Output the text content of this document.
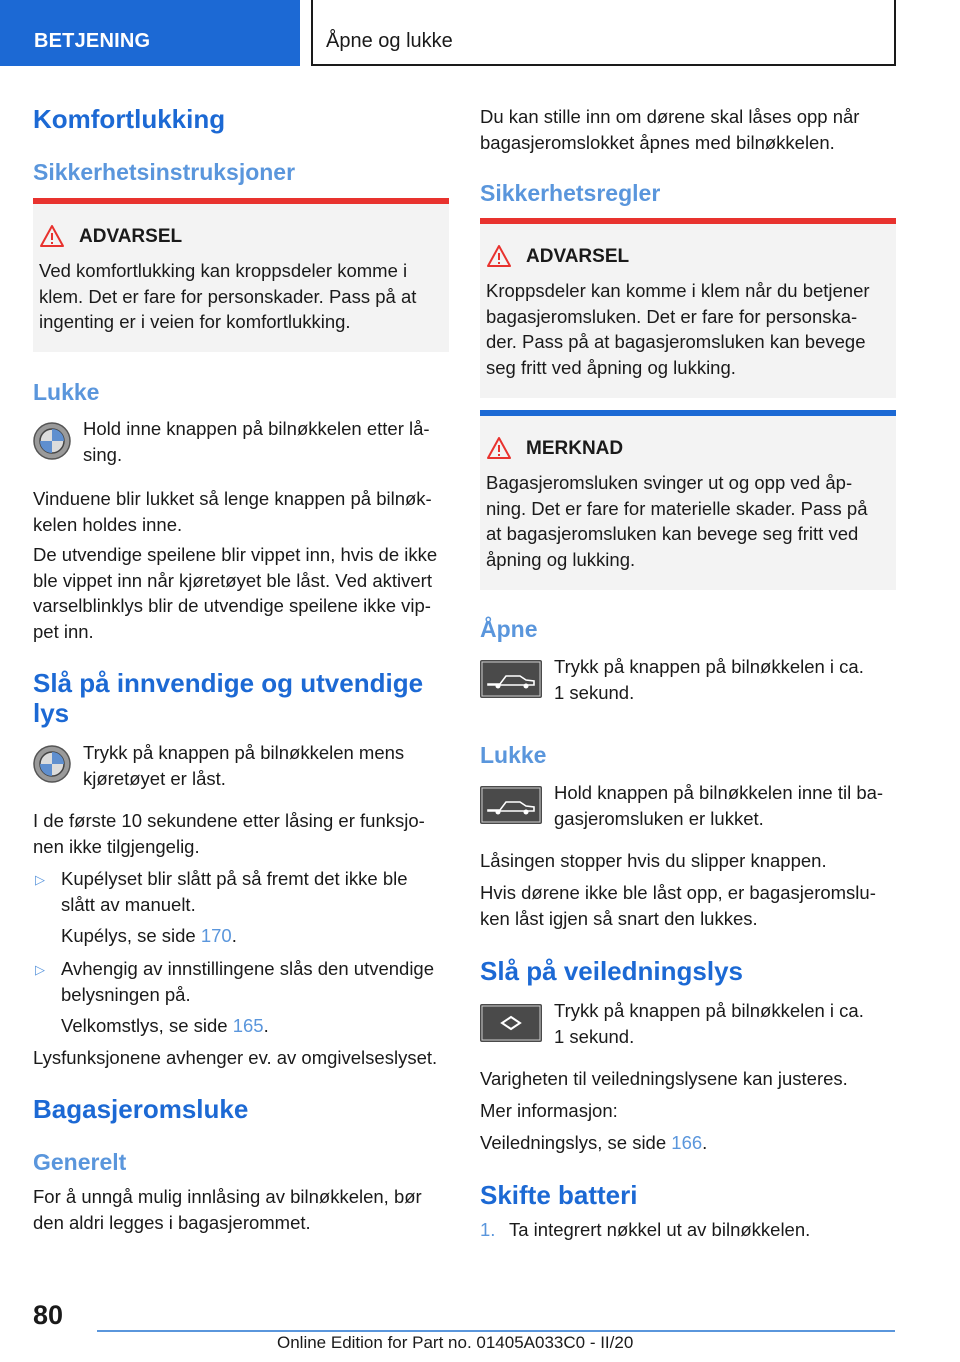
BETJENING	Åpne og lukke
Komfortlukking
Sikkerhetsinstruksjoner
ADVARSEL
Ved komfortlukking kan kroppsdeler komme i
klem. Det er fare for personskader. Pass på at
ingenting er i veien for komfortlukking.
Lukke
Hold inne knappen på bilnøkkelen etter lå-
sing.
Vinduene blir lukket så lenge knappen på bilnøk-
kelen holdes inne.
De utvendige speilene blir vippet inn, hvis de ikke
ble vippet inn når kjøretøyet ble låst. Ved aktivert
varselblinklys blir de utvendige speilene ikke vip-
pet inn.
Slå på innvendige og utvendige
lys
Trykk på knappen på bilnøkkelen mens
kjøretøyet er låst.
I de første 10 sekundene etter låsing er funksjo-
nen ikke tilgjengelig.
▷ Kupélyset blir slått på så fremt det ikke ble
slått av manuelt.
Kupélys, se side 170.
▷ Avhengig av innstillingene slås den utvendige
belysningen på.
Velkomstlys, se side 165.
Lysfunksjonene avhenger ev. av omgivelseslyset.
Bagasjeromsluke
Generelt
For å unngå mulig innlåsing av bilnøkkelen, bør
den aldri legges i bagasjerommet.
Du kan stille inn om dørene skal låses opp når
bagasjeromslokket åpnes med bilnøkkelen.
Sikkerhetsregler
ADVARSEL
Kroppsdeler kan komme i klem når du betjener
bagasjeromsluken. Det er fare for personska-
der. Pass på at bagasjeromsluken kan bevege
seg fritt ved åpning og lukking.
MERKNAD
Bagasjeromsluken svinger ut og opp ved åp-
ning. Det er fare for materielle skader. Pass på
at bagasjeromsluken kan bevege seg fritt ved
åpning og lukking.
Åpne
Trykk på knappen på bilnøkkelen i ca.
1 sekund.
Lukke
Hold knappen på bilnøkkelen inne til ba-
gasjeromsluken er lukket.
Låsingen stopper hvis du slipper knappen.
Hvis dørene ikke ble låst opp, er bagasjeromslu-
ken låst igjen så snart den lukkes.
Slå på veiledningslys
Trykk på knappen på bilnøkkelen i ca.
1 sekund.
Varigheten til veiledningslysene kan justeres.
Mer informasjon:
Veiledningslys, se side 166.
Skifte batteri
1. Ta integrert nøkkel ut av bilnøkkelen.
80
Online Edition for Part no. 01405A033C0 - II/20
